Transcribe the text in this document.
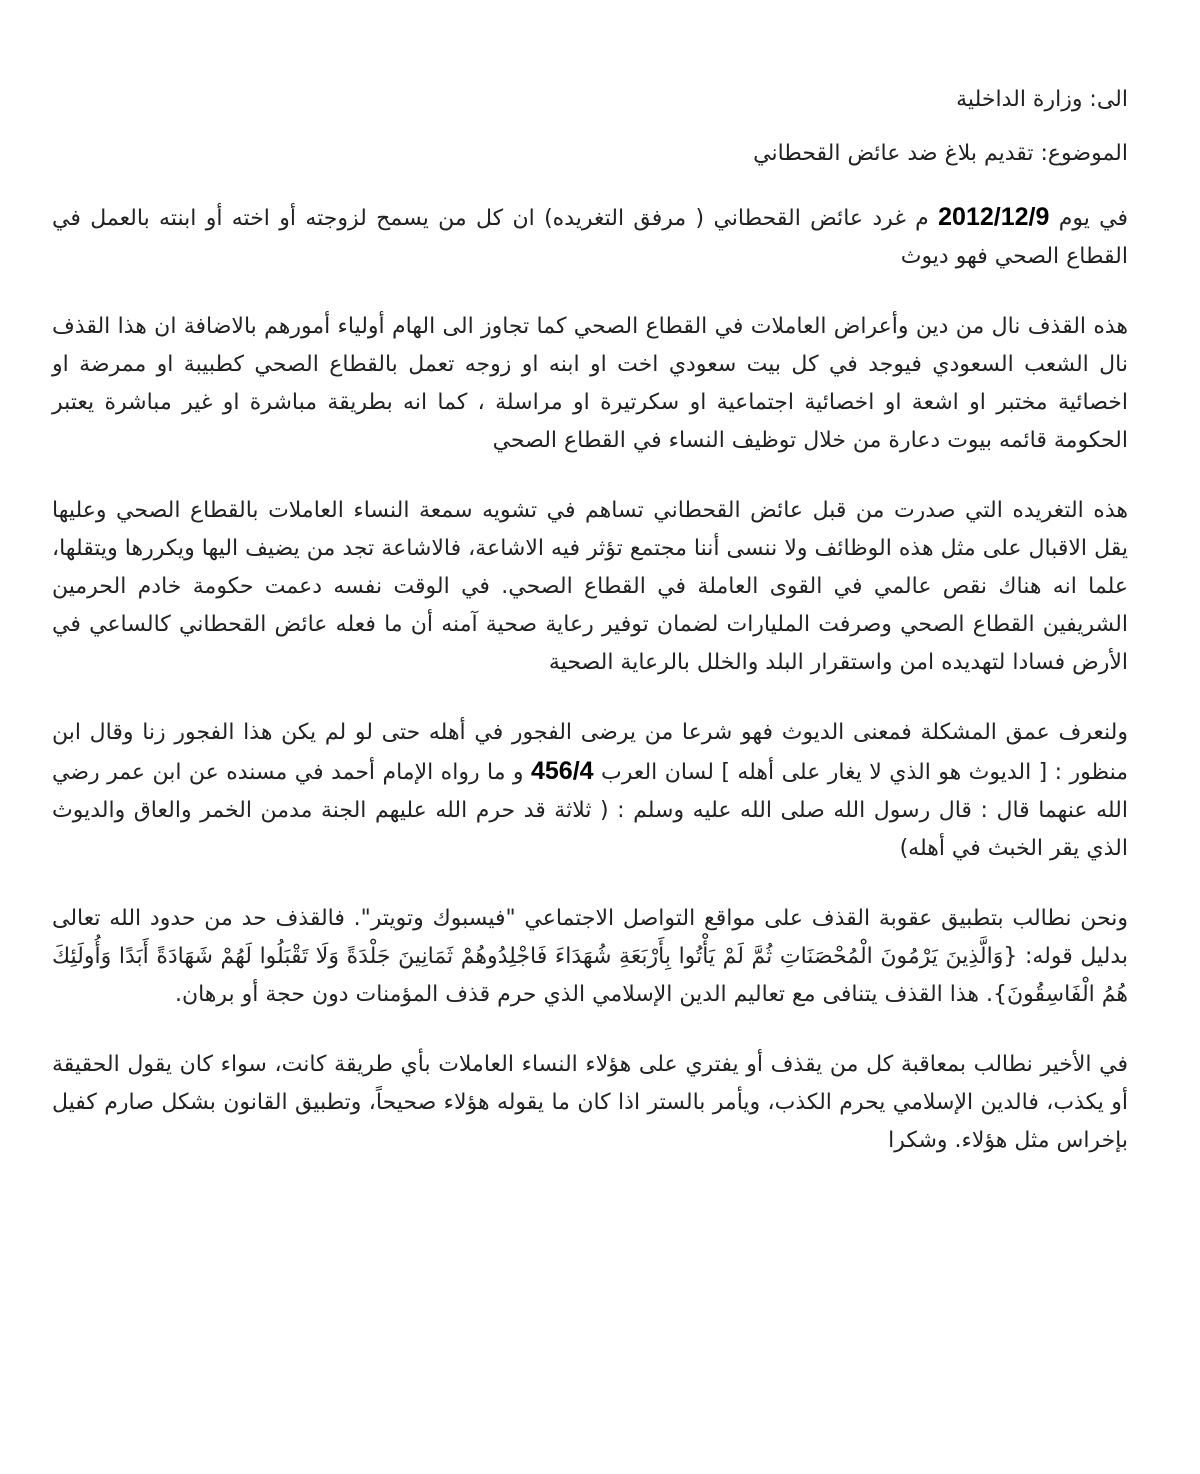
الى: وزارة الداخلية
الموضوع: تقديم بلاغ ضد عائض القحطاني
في يوم 2012/12/9 م غرد عائض القحطاني ( مرفق التغريده) ان كل من يسمح لزوجته أو اخته أو ابنته بالعمل في القطاع الصحي فهو ديوث
هذه القذف نال من دين وأعراض العاملات في القطاع الصحي كما تجاوز الى الهام أولياء أمورهم بالاضافة ان هذا القذف نال الشعب السعودي فيوجد في كل بيت سعودي اخت او ابنه او زوجه تعمل بالقطاع الصحي كطبيبة او ممرضة او اخصائية مختبر او اشعة او اخصائية اجتماعية او سكرتيرة او مراسلة ، كما انه بطريقة مباشرة او غير مباشرة يعتبر الحكومة قائمه بيوت دعارة من خلال توظيف النساء في القطاع الصحي
هذه التغريده التي صدرت من قبل عائض القحطاني تساهم في تشويه سمعة النساء العاملات بالقطاع الصحي وعليها يقل الاقبال على مثل هذه الوظائف ولا ننسى أننا مجتمع تؤثر فيه الاشاعة، فالاشاعة تجد من يضيف اليها ويكررها ويتقلها، علما انه هناك نقص عالمي في القوى العاملة في القطاع الصحي. في الوقت نفسه دعمت حكومة خادم الحرمين الشريفين القطاع الصحي وصرفت المليارات لضمان توفير رعاية صحية آمنه أن ما فعله عائض القحطاني كالساعي في الأرض فسادا لتهديده امن واستقرار البلد والخلل بالرعاية الصحية
ولنعرف عمق المشكلة فمعنى الديوث فهو شرعا من يرضى الفجور في أهله حتى لو لم يكن هذا الفجور زنا وقال ابن منظور : [ الديوث هو الذي لا يغار على أهله ] لسان العرب 456/4 و ما رواه الإمام أحمد في مسنده عن ابن عمر رضي الله عنهما قال : قال رسول الله صلى الله عليه وسلم : ( ثلاثة قد حرم الله عليهم الجنة مدمن الخمر والعاق والديوث الذي يقر الخبث في أهله)
ونحن نطالب بتطبيق عقوبة القذف على مواقع التواصل الاجتماعي "فيسبوك وتويتر". فالقذف حد من حدود الله تعالى بدليل قوله: {وَالَّذِينَ يَرْمُونَ الْمُحْصَنَاتِ ثُمَّ لَمْ يَأْتُوا بِأَرْبَعَةِ شُهَدَاءَ فَاجْلِدُوهُمْ ثَمَانِينَ جَلْدَةً وَلَا تَقْبَلُوا لَهُمْ شَهَادَةً أَبَدًا وَأُولَئِكَ هُمُ الْفَاسِقُونَ}. هذا القذف يتنافى مع تعاليم الدين الإسلامي الذي حرم قذف المؤمنات دون حجة أو برهان.
في الأخير نطالب بمعاقبة كل من يقذف أو يفتري على هؤلاء النساء العاملات بأي طريقة كانت، سواء كان يقول الحقيقة أو يكذب، فالدين الإسلامي يحرم الكذب، ويأمر بالستر اذا كان ما يقوله هؤلاء صحيحاً، وتطبيق القانون بشكل صارم كفيل بإخراس مثل هؤلاء. وشكرا
